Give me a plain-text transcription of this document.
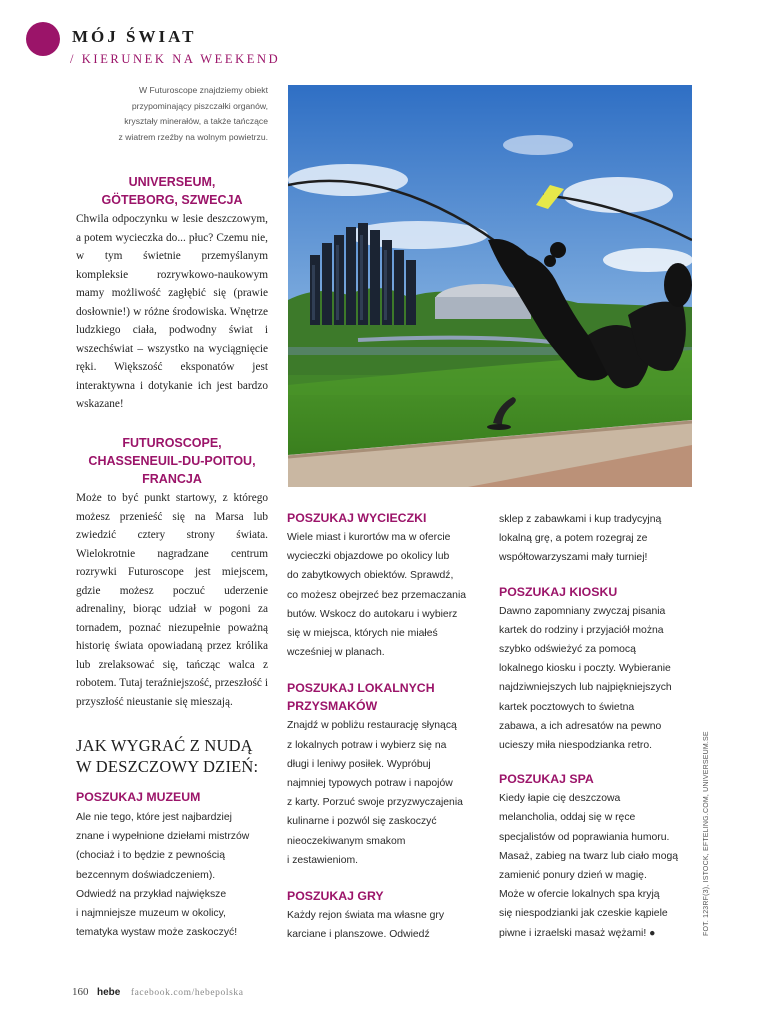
MÓJ ŚWIAT
/ KIERUNEK NA WEEKEND
W Futuroscope znajdziemy obiekt
przypominający piszczałki organów,
kryształy minerałów, a także tańczące
z wiatrem rzeźby na wolnym powietrzu.
UNIVERSEUM,
GÖTEBORG, SZWECJA
Chwila odpoczynku w lesie deszczowym, a potem wycieczka do... płuc? Czemu nie, w tym świetnie przemyślanym kompleksie rozrywkowo-naukowym mamy możliwość zagłębić się (prawie dosłownie!) w różne środowiska. Wnętrze ludzkiego ciała, podwodny świat i wszechświat – wszystko na wyciągnięcie ręki. Większość eksponatów jest interaktywna i dotykanie ich jest bardzo wskazane!
FUTUROSCOPE,
CHASSENEUIL-DU-POITOU,
FRANCJA
Może to być punkt startowy, z którego możesz przenieść się na Marsa lub zwiedzić cztery strony świata. Wielokrotnie nagradzane centrum rozrywki Futuroscope jest miejscem, gdzie możesz poczuć uderzenie adrenaliny, biorąc udział w pogoni za tornadem, poznać niezupełnie poważną historię świata opowiadaną przez królika lub zrelaksować się, tańcząc walca z robotem. Tutaj teraźniejszość, przeszłość i przyszłość nieustanie się mieszają.
JAK WYGRAĆ Z NUDĄ
W DESZCZOWY DZIEŃ:
POSZUKAJ MUZEUM
Ale nie tego, które jest najbardziej
znane i wypełnione dziełami mistrzów
(chociaż i to będzie z pewnością
bezcennym doświadczeniem).
Odwiedź na przykład największe
i najmniejsze muzeum w okolicy,
tematyka wystaw może zaskoczyć!
POSZUKAJ WYCIECZKI
Wiele miast i kurortów ma w ofercie
wycieczki objazdowe po okolicy lub
do zabytkowych obiektów. Sprawdź,
co możesz obejrzeć bez przemaczania
butów. Wskocz do autokaru i wybierz
się w miejsca, których nie miałeś
wcześniej w planach.
POSZUKAJ LOKALNYCH
PRZYSMAKÓW
Znajdź w pobliżu restaurację słynącą
z lokalnych potraw i wybierz się na
długi i leniwy posiłek. Wypróbuj
najmniej typowych potraw i napojów
z karty. Porzuć swoje przyzwyczajenia
kulinarne i pozwól się zaskoczyć
nieoczekiwanym smakom
i zestawieniom.
POSZUKAJ GRY
Każdy rejon świata ma własne gry
karciane i planszowe. Odwiedź
sklep z zabawkami i kup tradycyjną
lokalną grę, a potem rozegraj ze
współtowarzyszami mały turniej!
POSZUKAJ KIOSKU
Dawno zapomniany zwyczaj pisania
kartek do rodziny i przyjaciół można
szybko odświeżyć za pomocą
lokalnego kiosku i poczty. Wybieranie
najdziwniejszych lub najpiękniejszych
kartek pocztowych to świetna
zabawa, a ich adresatów na pewno
ucieszy miła niespodzianka retro.
POSZUKAJ SPA
Kiedy łapie cię deszczowa
melancholia, oddaj się w ręce
specjalistów od poprawiania humoru.
Masaż, zabieg na twarz lub ciało mogą
zamienić ponury dzień w magię.
Może w ofercie lokalnych spa kryją
się niespodzianki jak czeskie kąpiele
piwne i izraelski masaż wężami! ●	FOT. 123RF(3), ISTOCK, EFTELING.COM, UNIVERSEUM.SE
160 hebe facebook.com/hebepolska
